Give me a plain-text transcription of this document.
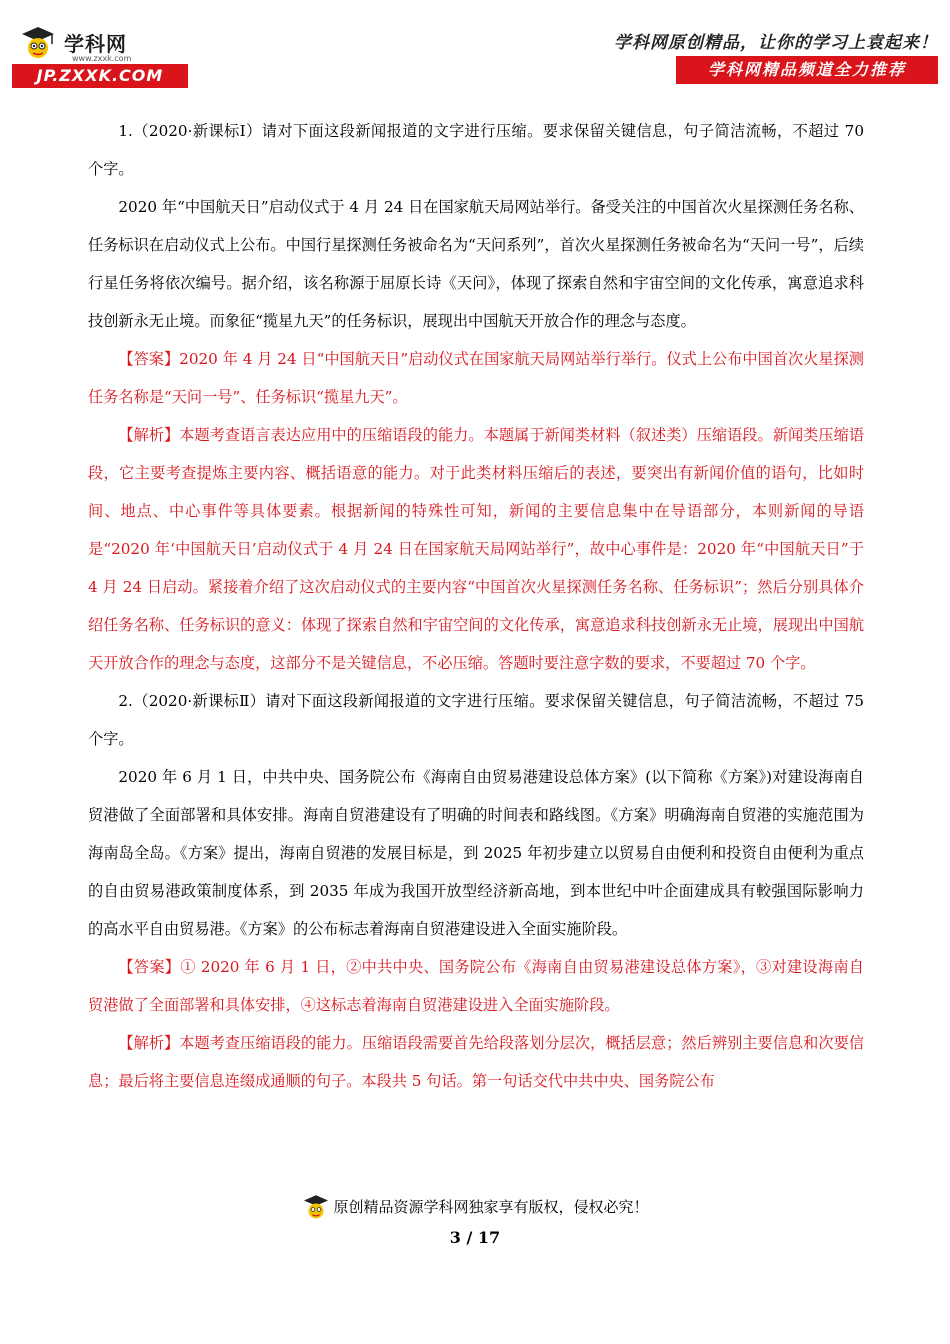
学科网
www.zxxk.com
JP.ZXXK.COM
学科网原创精品，让你的学习上袁起来！
学科网精品频道全力推荐

1.（2020·新课标Ⅰ）请对下面这段新闻报道的文字进行压缩。要求保留关键信息，句子简洁流畅，不超过 70 个字。

2020 年“中国航天日”启动仪式于 4 月 24 日在国家航天局网站举行。备受关注的中国首次火星探测任务名称、任务标识在启动仪式上公布。中国行星探测任务被命名为“天问系列”，首次火星探测任务被命名为“天问一号”，后续行星任务将依次编号。据介绍，该名称源于屈原长诗《天问》，体现了探索自然和宇宙空间的文化传承，寓意追求科技创新永无止境。而象征“揽星九天”的任务标识，展现出中国航天开放合作的理念与态度。

【答案】2020 年 4 月 24 日“中国航天日”启动仪式在国家航天局网站举行举行。仪式上公布中国首次火星探测任务名称是“天问一号”、任务标识“揽星九天”。

【解析】本题考查语言表达应用中的压缩语段的能力。本题属于新闻类材料（叙述类）压缩语段。新闻类压缩语段，它主要考查提炼主要内容、概括语意的能力。对于此类材料压缩后的表述，要突出有新闻价值的语句，比如时间、地点、中心事件等具体要素。根据新闻的特殊性可知，新闻的主要信息集中在导语部分，本则新闻的导语是“2020 年‘中国航天日’启动仪式于 4 月 24 日在国家航天局网站举行”，故中心事件是：2020 年“中国航天日”于 4 月 24 日启动。紧接着介绍了这次启动仪式的主要内容“中国首次火星探测任务名称、任务标识”；然后分别具体介绍任务名称、任务标识的意义：体现了探索自然和宇宙空间的文化传承，寓意追求科技创新永无止境，展现出中国航天开放合作的理念与态度，这部分不是关键信息，不必压缩。答题时要注意字数的要求，不要超过 70 个字。

2.（2020·新课标Ⅱ）请对下面这段新闻报道的文字进行压缩。要求保留关键信息，句子简洁流畅，不超过 75 个字。

2020 年 6 月 1 日，中共中央、国务院公布《海南自由贸易港建设总体方案》(以下简称《方案》)对建设海南自贸港做了全面部署和具体安排。海南自贸港建设有了明确的时间表和路线图。《方案》明确海南自贸港的实施范围为海南岛全岛。《方案》提出，海南自贸港的发展目标是，到 2025 年初步建立以贸易自由便利和投资自由便利为重点的自由贸易港政策制度体系，到 2035 年成为我国开放型经济新高地，到本世纪中叶企面建成具有較强国际影响力的高水平自由贸易港。《方案》的公布标志着海南自贸港建设进入全面实施阶段。

【答案】① 2020 年 6 月 1 日，②中共中央、国务院公布《海南自由贸易港建设总体方案》，③对建设海南自贸港做了全面部署和具体安排，④这标志着海南自贸港建设进入全面实施阶段。

【解析】本题考查压缩语段的能力。压缩语段需要首先给段落划分层次，概括层意；然后辨别主要信息和次要信息；最后将主要信息连缀成通顺的句子。本段共 5 句话。第一句话交代中共中央、国务院公布

原创精品资源学科网独家享有版权，侵权必究！
3 / 17
